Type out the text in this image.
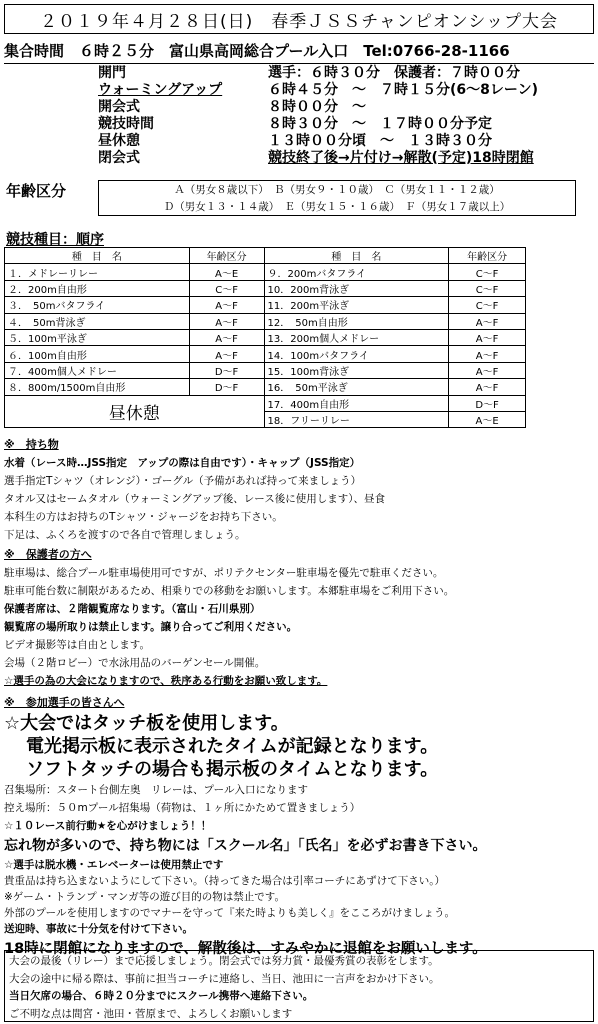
２０１９年４月２８日(日)　春季ＪＳＳチャンピオンシップ大会
集合時間　６時２５分　富山県高岡総合プール入口　Tel:0766-28-1166
開門	選手：６時３０分　保護者：７時００分
ウォーミングアップ	６時４５分　～　７時１５分(6～8レーン)
開会式	８時００分　～
競技時間	８時３０分　～　１７時００分予定
昼休憩	１３時００分頃　～　１３時３０分
閉会式	競技終了後→片付け→解散(予定)18時閉館
年齢区分	Ａ（男女８歳以下）　Ｂ（男女９・１０歳）　Ｃ（男女１１・１２歳）
Ｄ（男女１３・１４歳）　Ｅ（男女１５・１６歳）　Ｆ（男女１７歳以上）
競技種目：順序
種　目　名	年齢区分	種　目　名	年齢区分
１．メドレーリレー	A～E	９．200mバタフライ	C～F
２．200m自由形	C～F	10．200m背泳ぎ	C～F
３．　50mバタフライ	A～F	11．200m平泳ぎ	C～F
４．　50m背泳ぎ	A～F	12．　50m自由形	A～F
５．100m平泳ぎ	A～F	13．200m個人メドレー	A～F
６．100m自由形	A～F	14．100mバタフライ	A～F
７．400m個人メドレー	D～F	15．100m背泳ぎ	A～F
８．800m/1500m自由形	D～F	16．　50m平泳ぎ	A～F
昼休憩		17．400m自由形	D～F
		18．フリーリレー	A～E
※　持ち物
水着（レース時…JSS指定　アップの際は自由です）・キャップ（JSS指定）
選手指定Tシャツ（オレンジ）・ゴーグル（予備があれば持って来ましょう）
タオル又はセームタオル（ウォーミングアップ後、レース後に使用します）、昼食
本科生の方はお持ちのTシャツ・ジャージをお持ち下さい。
下足は、ふくろを渡すので各自で管理しましょう。
※　保護者の方へ
駐車場は、総合プール駐車場使用可ですが、ポリテクセンター駐車場を優先で駐車ください。
駐車可能台数に制限があるため、相乗りでの移動をお願いします。本郷駐車場をご利用下さい。
保護者席は、２階観覧席なります。（富山・石川県別）
観覧席の場所取りは禁止します。譲り合ってご利用ください。
ビデオ撮影等は自由とします。
会場（２階ロビー）で水泳用品のバーゲンセール開催。
☆選手の為の大会になりますので、秩序ある行動をお願い致します。
※　参加選手の皆さんへ
☆大会ではタッチ板を使用します。
電光掲示板に表示されたタイムが記録となります。
ソフトタッチの場合も掲示板のタイムとなります。
召集場所：スタート台側左奥　リレーは、プール入口になります
控え場所：５０mプール招集場（荷物は、１ヶ所にかためて置きましょう）
☆１０レース前行動★を心がけましょう！！
忘れ物が多いので、持ち物には「スクール名」「氏名」を必ずお書き下さい。
☆選手は脱水機・エレベーターは使用禁止です
貴重品は持ち込まないようにして下さい。（持ってきた場合は引率コーチにあずけて下さい。）
※ゲーム・トランプ・マンガ等の遊び目的の物は禁止です。
外部のプールを使用しますのでマナーを守って『来た時よりも美しく』をこころがけましょう。
送迎時、事故に十分気を付けて下さい。
18時に閉館になりますので、解散後は、すみやかに退館をお願いします。
大会の最後（リレー）まで応援しましょう。閉会式では努力賞・最優秀賞の表彰をします。
大会の途中に帰る際は、事前に担当コーチに連絡し、当日、池田に一言声をおかけ下さい。
当日欠席の場合、６時２０分までにスクール携帯へ連絡下さい。
ご不明な点は間宮・池田・菅原まで、よろしくお願いします
